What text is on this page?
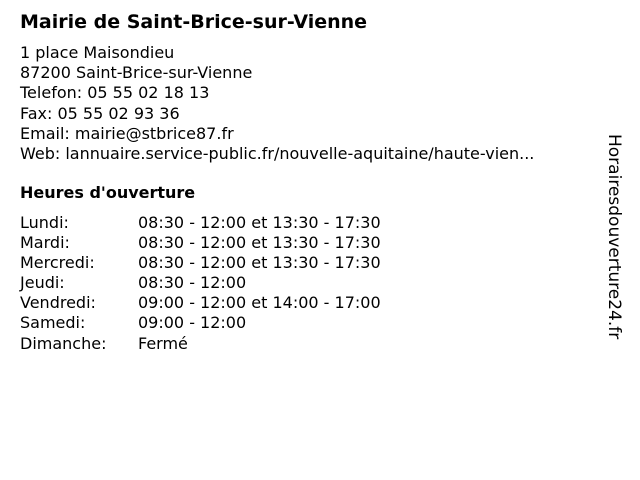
Mairie de Saint-Brice-sur-Vienne
1 place Maisondieu
87200 Saint-Brice-sur-Vienne
Telefon: 05 55 02 18 13
Fax: 05 55 02 93 36
Email: mairie@stbrice87.fr
Web: lannuaire.service-public.fr/nouvelle-aquitaine/haute-vien...
Heures d'ouverture
Lundi:	08:30 - 12:00 et 13:30 - 17:30
Mardi:	08:30 - 12:00 et 13:30 - 17:30
Mercredi:	08:30 - 12:00 et 13:30 - 17:30
Jeudi:	08:30 - 12:00
Vendredi:	09:00 - 12:00 et 14:00 - 17:00
Samedi:	09:00 - 12:00
Dimanche: Fermé
Horairesdouverture24.fr
